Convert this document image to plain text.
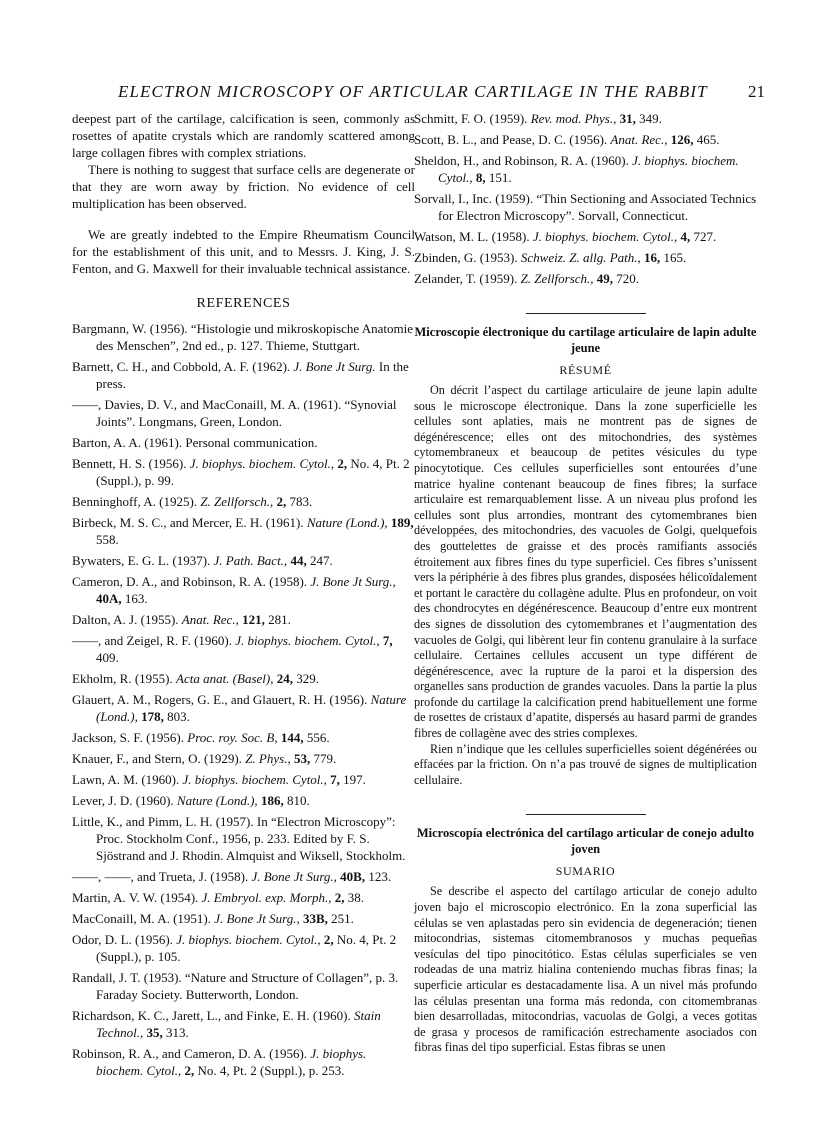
ELECTRON MICROSCOPY OF ARTICULAR CARTILAGE IN THE RABBIT 21

deepest part of the cartilage, calcification is seen, commonly as rosettes of apatite crystals which are randomly scattered among large collagen fibres with complex striations.

There is nothing to suggest that surface cells are degenerate or that they are worn away by friction. No evidence of cell multiplication has been observed.

We are greatly indebted to the Empire Rheumatism Council for the establishment of this unit, and to Messrs. J. King, J. S. Fenton, and G. Maxwell for their invaluable technical assistance.

REFERENCES

Bargmann, W. (1956). “Histologie und mikroskopische Anatomie des Menschen”, 2nd ed., p. 127. Thieme, Stuttgart.

Barnett, C. H., and Cobbold, A. F. (1962). J. Bone Jt Surg. In the press.

——, Davies, D. V., and MacConaill, M. A. (1961). “Synovial Joints”. Longmans, Green, London.

Barton, A. A. (1961). Personal communication.

Bennett, H. S. (1956). J. biophys. biochem. Cytol., 2, No. 4, Pt. 2 (Suppl.), p. 99.

Benninghoff, A. (1925). Z. Zellforsch., 2, 783.

Birbeck, M. S. C., and Mercer, E. H. (1961). Nature (Lond.), 189, 558.

Bywaters, E. G. L. (1937). J. Path. Bact., 44, 247.

Cameron, D. A., and Robinson, R. A. (1958). J. Bone Jt Surg., 40A, 163.

Dalton, A. J. (1955). Anat. Rec., 121, 281.

——, and Zeigel, R. F. (1960). J. biophys. biochem. Cytol., 7, 409.

Ekholm, R. (1955). Acta anat. (Basel), 24, 329.

Glauert, A. M., Rogers, G. E., and Glauert, R. H. (1956). Nature (Lond.), 178, 803.

Jackson, S. F. (1956). Proc. roy. Soc. B, 144, 556.

Knauer, F., and Stern, O. (1929). Z. Phys., 53, 779.

Lawn, A. M. (1960). J. biophys. biochem. Cytol., 7, 197.

Lever, J. D. (1960). Nature (Lond.), 186, 810.

Little, K., and Pimm, L. H. (1957). In “Electron Microscopy”: Proc. Stockholm Conf., 1956, p. 233. Edited by F. S. Sjöstrand and J. Rhodin. Almquist and Wiksell, Stockholm.

——, ——, and Trueta, J. (1958). J. Bone Jt Surg., 40B, 123.

Martin, A. V. W. (1954). J. Embryol. exp. Morph., 2, 38.

MacConaill, M. A. (1951). J. Bone Jt Surg., 33B, 251.

Odor, D. L. (1956). J. biophys. biochem. Cytol., 2, No. 4, Pt. 2 (Suppl.), p. 105.

Randall, J. T. (1953). “Nature and Structure of Collagen”, p. 3. Faraday Society. Butterworth, London.

Richardson, K. C., Jarett, L., and Finke, E. H. (1960). Stain Technol., 35, 313.

Robinson, R. A., and Cameron, D. A. (1956). J. biophys. biochem. Cytol., 2, No. 4, Pt. 2 (Suppl.), p. 253.

Schmitt, F. O. (1959). Rev. mod. Phys., 31, 349.

Scott, B. L., and Pease, D. C. (1956). Anat. Rec., 126, 465.

Sheldon, H., and Robinson, R. A. (1960). J. biophys. biochem. Cytol., 8, 151.

Sorvall, I., Inc. (1959). “Thin Sectioning and Associated Technics for Electron Microscopy”. Sorvall, Connecticut.

Watson, M. L. (1958). J. biophys. biochem. Cytol., 4, 727.

Zbinden, G. (1953). Schweiz. Z. allg. Path., 16, 165.

Zelander, T. (1959). Z. Zellforsch., 49, 720.

Microscopie électronique du cartilage articulaire de lapin adulte jeune

RÉSUMÉ

On décrit l’aspect du cartilage articulaire de jeune lapin adulte sous le microscope électronique. Dans la zone superficielle les cellules sont aplaties, mais ne montrent pas de signes de dégénérescence; elles ont des mitochondries, des systèmes cytomembraneux et beaucoup de petites vésicules du type pinocytotique. Ces cellules superficielles sont entourées d’une matrice hyaline contenant beaucoup de fines fibres; la surface articulaire est remarquablement lisse. A un niveau plus profond les cellules sont plus arrondies, montrant des cytomembranes bien développées, des mitochondries, des vacuoles de Golgi, quelquefois des gouttelettes de graisse et des procès ramifiants associés étroitement aux fibres fines du type superficiel. Ces fibres s’unissent vers la périphérie à des fibres plus grandes, disposées hélicoïdalement et portant le caractère du collagène adulte. Plus en profondeur, on voit des chondrocytes en dégénérescence. Beaucoup d’entre eux montrent des signes de dissolution des cytomembranes et l’augmentation des vacuoles de Golgi, qui libèrent leur fin contenu granulaire à la surface cellulaire. Certaines cellules accusent un type différent de dégénérescence, avec la rupture de la paroi et la dispersion des organelles sans production de grandes vacuoles. Dans la partie la plus profonde du cartilage la calcification prend habituellement une forme de rosettes de cristaux d’apatite, dispersés au hasard parmi de grandes fibres de collagène avec des stries complexes.

Rien n’indique que les cellules superficielles soient dégénérées ou effacées par la friction. On n’a pas trouvé de signes de multiplication cellulaire.

Microscopía electrónica del cartílago articular de conejo adulto joven

SUMARIO

Se describe el aspecto del cartílago articular de conejo adulto joven bajo el microscopio electrónico. En la zona superficial las células se ven aplastadas pero sin evidencia de degeneración; tienen mitocondrias, sistemas citomembranosos y muchas pequeñas vesículas del tipo pinocitótico. Estas células superficiales se ven rodeadas de una matriz hialina conteniendo muchas fibras finas; la superficie articular es destacadamente lisa. A un nivel más profundo las células presentan una forma más redonda, con citomembranas bien desarrolladas, mitocondrias, vacuolas de Golgi, a veces gotitas de grasa y procesos de ramificación estrechamente asociados con fibras finas del tipo superficial. Estas fibras se unen
